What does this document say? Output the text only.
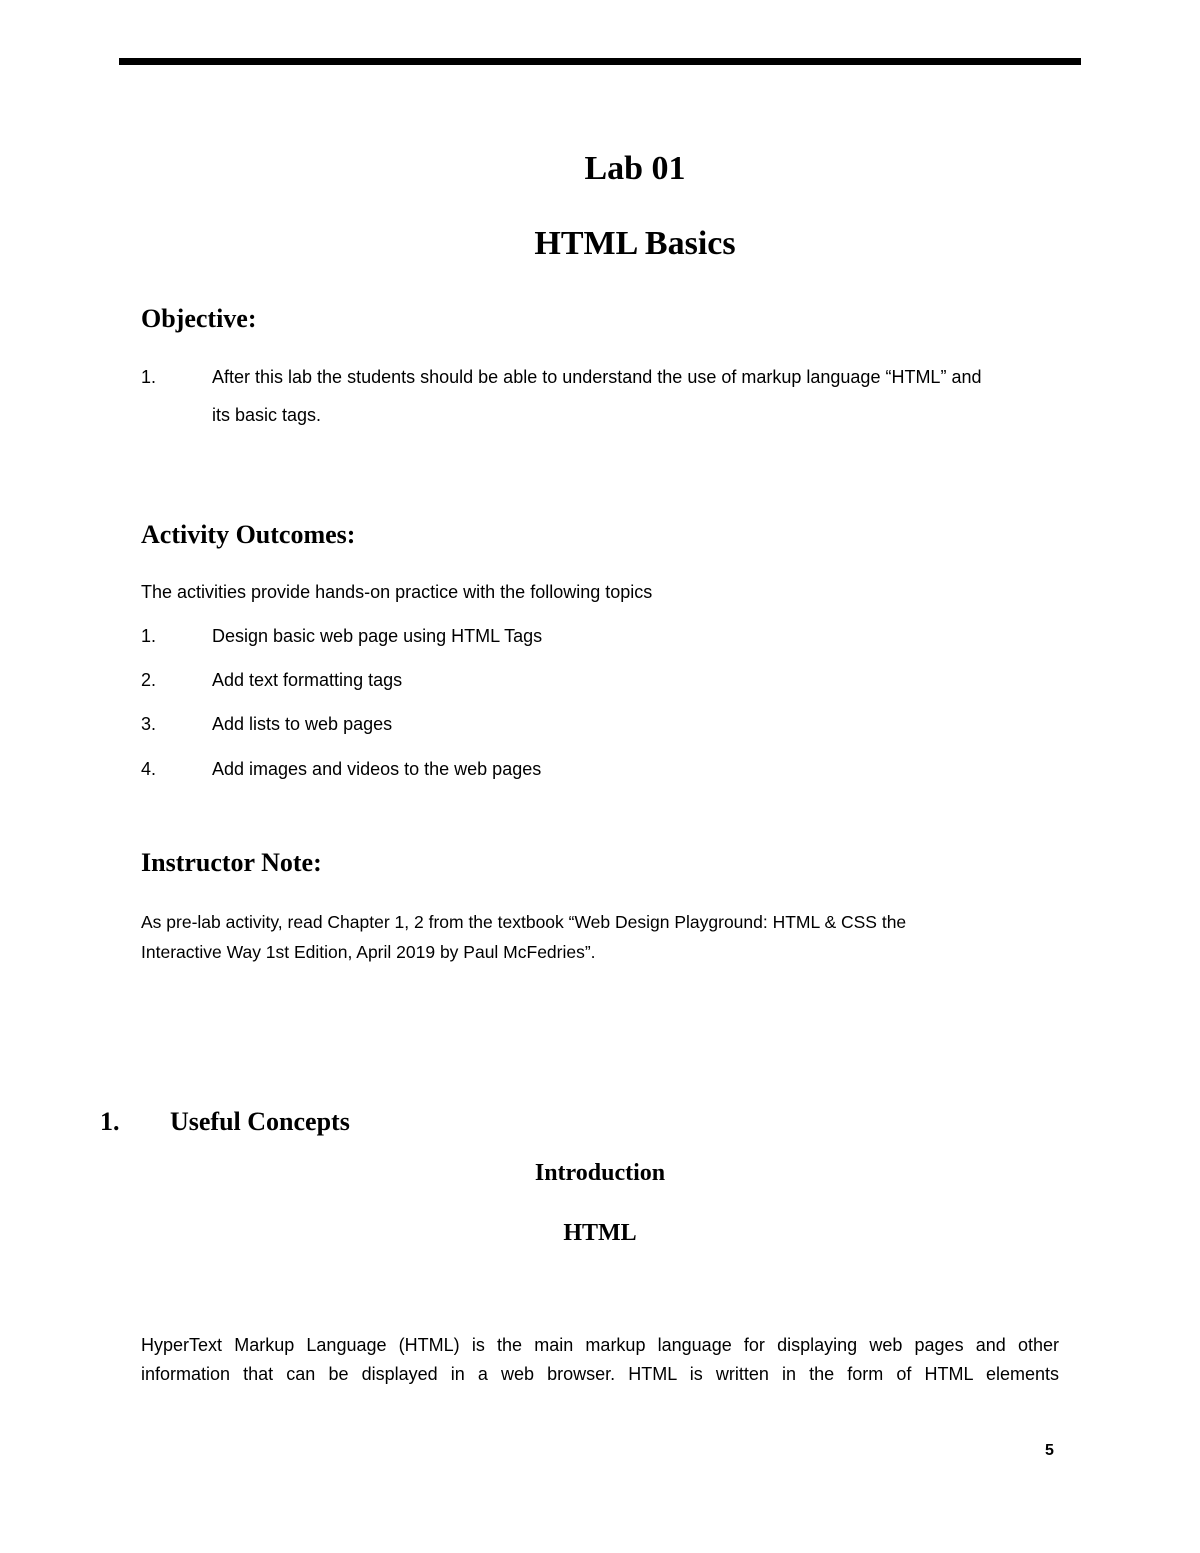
Lab 01
HTML Basics
Objective:
1.	After this lab the students should be able to understand the use of markup language “HTML” and
its basic tags.
Activity Outcomes:
The activities provide hands-on practice with the following topics
1.	Design basic web page using HTML Tags
2.	Add text formatting tags
3.	Add lists to web pages
4.	Add images and videos to the web pages
Instructor Note:
As pre-lab activity, read Chapter 1, 2 from the textbook “Web Design Playground: HTML & CSS the
Interactive Way 1st Edition, April 2019 by Paul McFedries”.
1. Useful Concepts
Introduction
HTML
HyperText Markup Language (HTML) is the main markup language for displaying web pages and other
information that can be displayed in a web browser. HTML is written in the form of HTML elements
5
